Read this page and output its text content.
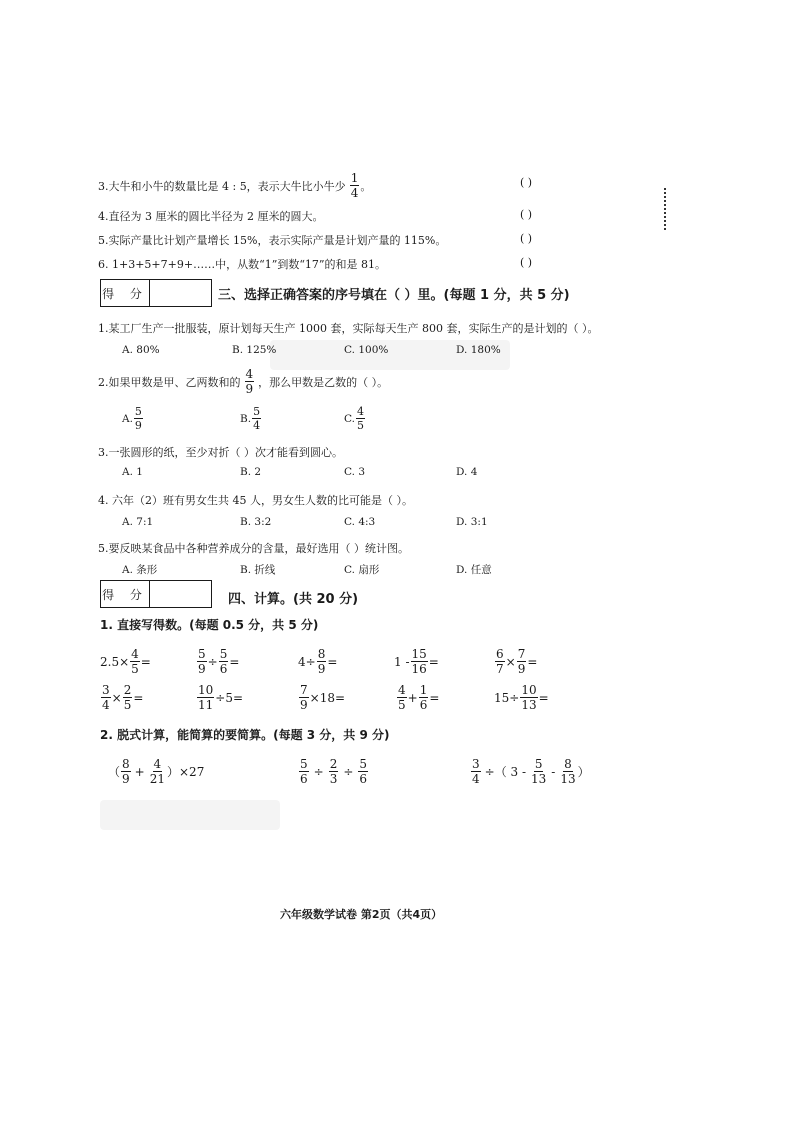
3.大牛和小牛的数量比是 4 : 5，表示大牛比小牛少 $\frac{1}{4}$ 。	( )
4.直径为 3 厘米的圆比半径为 2 厘米的圆大。	( )
5.实际产量比计划产量增长 15%，表示实际产量是计划产量的 115%。	( )
6. 1+3+5+7+9+……中，从数“1”到数“17”的和是 81。	( )
得 分	三、选择正确答案的序号填在（ ）里。(每题 1 分，共 5 分)
1.某工厂生产一批服装，原计划每天生产 1000 套，实际每天生产 800 套，实际生产的是计划的（ ）。
A. 80%	B. 125%	C. 100%	D. 180%
2.如果甲数是甲、乙两数和的 $\frac{4}{9}$ ，那么甲数是乙数的（ ）。
A. $\frac{5}{9}$	B. $\frac{5}{4}$	C. $\frac{4}{5}$
3.一张圆形的纸，至少对折（ ）次才能看到圆心。
A. 1	B. 2	C. 3	D. 4
4. 六年（2）班有男女生共 45 人，男女生人数的比可能是（ ）。
A. 7:1	B. 3:2	C. 4:3	D. 3:1
5.要反映某食品中各种营养成分的含量，最好选用（ ）统计图。
A. 条形	B. 折线	C. 扇形	D. 任意
得 分	四、计算。(共 20 分)
1. 直接写得数。(每题 0.5 分，共 5 分)
$2.5\times \frac{4}{5}$ =	$\frac{5}{9} \div \frac{5}{6}$ =	$4\div \frac{8}{9}$ =	$1 - \frac{15}{16}$ =	$\frac{6}{7} \times \frac{7}{9}$ =
$\frac{3}{4} \times \frac{2}{5}$ =	$\frac{10}{11} \div 5=$	$\frac{7}{9} \times 18=$	$\frac{4}{5} + \frac{1}{6}$ =	$15\div \frac{10}{13}$ =
2. 脱式计算，能简算的要简算。(每题 3 分，共 9 分)
（ $\frac{8}{9} + \frac{4}{21} )\times 27$	$\frac{5}{6} \div \frac{2}{3} \div \frac{5}{6}$	$\frac{3}{4}$ ÷（ $3 - \frac{5}{13} - \frac{8}{13}$ ）
六年级数学试卷 第2页（共4页）
